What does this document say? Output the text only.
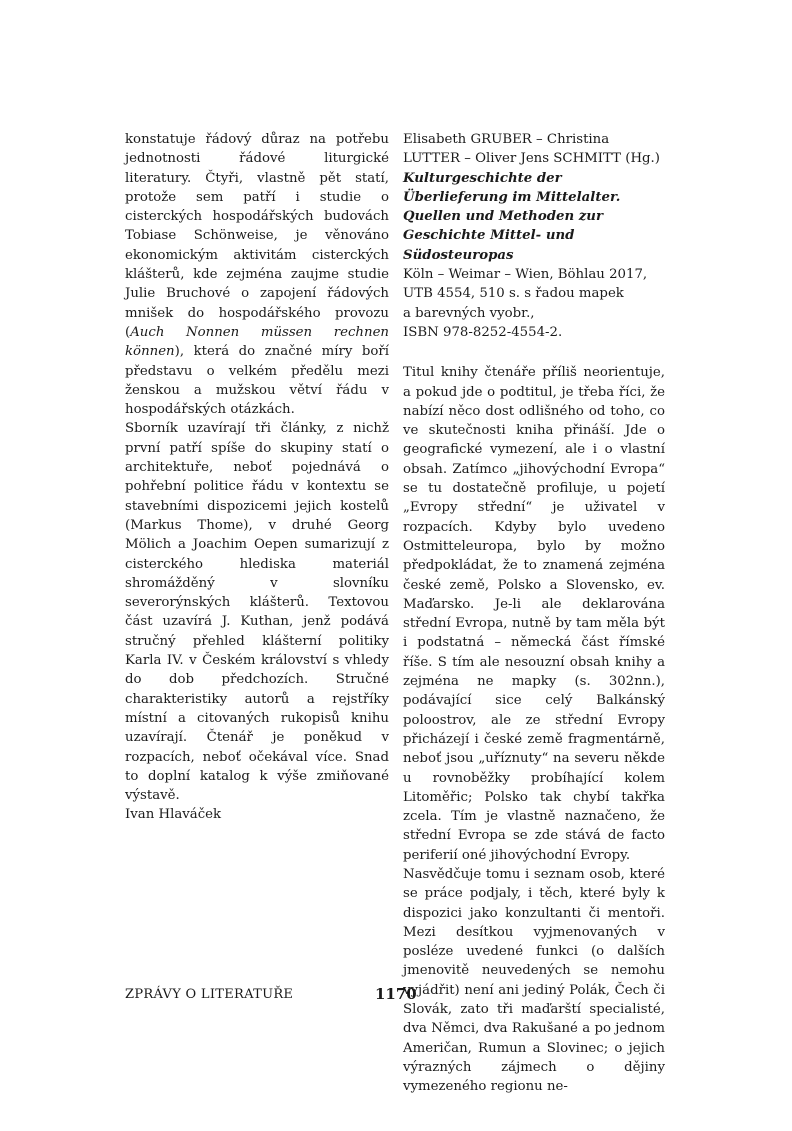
konstatuje řádový důraz na potřebu jednotnosti řádové liturgické literatury. Čtyři, vlastně pět statí, protože sem patří i studie o cisterckých hospodářských budovách Tobiase Schönweise, je věnováno ekonomickým aktivitám cisterckých klášterů, kde zejména zaujme studie Julie Bruchové o zapojení řádových mnišek do hospodářského provozu (Auch Nonnen müssen rechnen können), která do značné míry boří představu o velkém předělu mezi ženskou a mužskou větví řádu v hospodářských otázkách.

Sborník uzavírají tři články, z nichž první patří spíše do skupiny statí o architektuře, neboť pojednává o pohřební politice řádu v kontextu se stavebními dispozicemi jejich kostelů (Markus Thome), v druhé Georg Mölich a Joachim Oepen sumarizují z cisterckého hlediska materiál shromážděný v slovníku severorýnských klášterů. Textovou část uzavírá J. Kuthan, jenž podává stručný přehled klášterní politiky Karla IV. v Českém království s vhledy do dob předchozích. Stručné charakteristiky autorů a rejstříky místní a citovaných rukopisů knihu uzavírají. Čtenář je poněkud v rozpacích, neboť očekával více. Snad to doplní katalog k výše zmiňované výstavě.

Ivan Hlaváček

Elisabeth GRUBER – Christina LUTTER – Oliver Jens SCHMITT (Hg.)
Kulturgeschichte der Überlieferung im Mittelalter. Quellen und Methoden zur Geschichte Mittel- und Südosteuropas
Köln – Weimar – Wien, Böhlau 2017,
UTB 4554, 510 s. s řadou mapek
a barevných vyobr.,
ISBN 978-8252-4554-2.

Titul knihy čtenáře příliš neorientuje, a pokud jde o podtitul, je třeba říci, že nabízí něco dost odlišného od toho, co ve skutečnosti kniha přináší. Jde o geografické vymezení, ale i o vlastní obsah. Zatímco „jihovýchodní Evropa“ se tu dostatečně profiluje, u pojetí „Evropy střední“ je uživatel v rozpacích. Kdyby bylo uvedeno Ostmitteleuropa, bylo by možno předpokládat, že to znamená zejména české země, Polsko a Slovensko, ev. Maďarsko. Je-li ale deklarována střední Evropa, nutně by tam měla být i podstatná – německá část římské říše. S tím ale nesouzní obsah knihy a zejména ne mapky (s. 302nn.), podávající sice celý Balkánský poloostrov, ale ze střední Evropy přicházejí i české země fragmentárně, neboť jsou „uříznuty“ na severu někde u rovnoběžky probíhající kolem Litoměřic; Polsko tak chybí takřka zcela. Tím je vlastně naznačeno, že střední Evropa se zde stává de facto periferií oné jihovýchodní Evropy.

Nasvědčuje tomu i seznam osob, které se práce podjaly, i těch, které byly k dispozici jako konzultanti či mentoři. Mezi desítkou vyjmenovaných v posléze uvedené funkci (o dalších jmenovitě neuvedených se nemohu vyjádřit) není ani jediný Polák, Čech či Slovák, zato tři maďarští specialisté, dva Němci, dva Rakušané a po jednom Američan, Rumun a Slovinec; o jejich výrazných zájmech o dějiny vymezeného regionu ne-

ZPRÁVY O LITERATUŘE	1170
